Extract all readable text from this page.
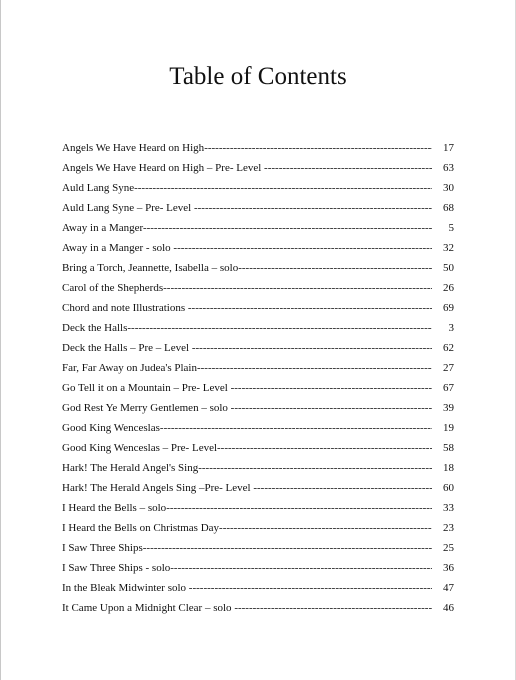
Table of Contents
Angels We Have Heard on High -----	17
Angels We Have Heard on High – Pre- Level -----	63
Auld Lang Syne -----	30
Auld Lang Syne – Pre- Level -----	68
Away in a Manger -----	5
Away in a Manger - solo -----	32
Bring a Torch, Jeannette, Isabella – solo -----	50
Carol of the Shepherds -----	26
Chord and note Illustrations -----	69
Deck the Halls -----	3
Deck the Halls – Pre – Level -----	62
Far, Far Away on Judea's Plain -----	27
Go Tell it on a Mountain – Pre- Level -----	67
God Rest Ye Merry Gentlemen – solo -----	39
Good King Wenceslas -----	19
Good King Wenceslas – Pre- Level -----	58
Hark! The Herald Angel's Sing -----	18
Hark! The Herald Angels Sing –Pre- Level -----	60
I Heard the Bells – solo -----	33
I Heard the Bells on Christmas Day -----	23
I Saw Three Ships -----	25
I Saw Three Ships - solo -----	36
In the Bleak Midwinter solo -----	47
It Came Upon a Midnight Clear – solo -----	46
